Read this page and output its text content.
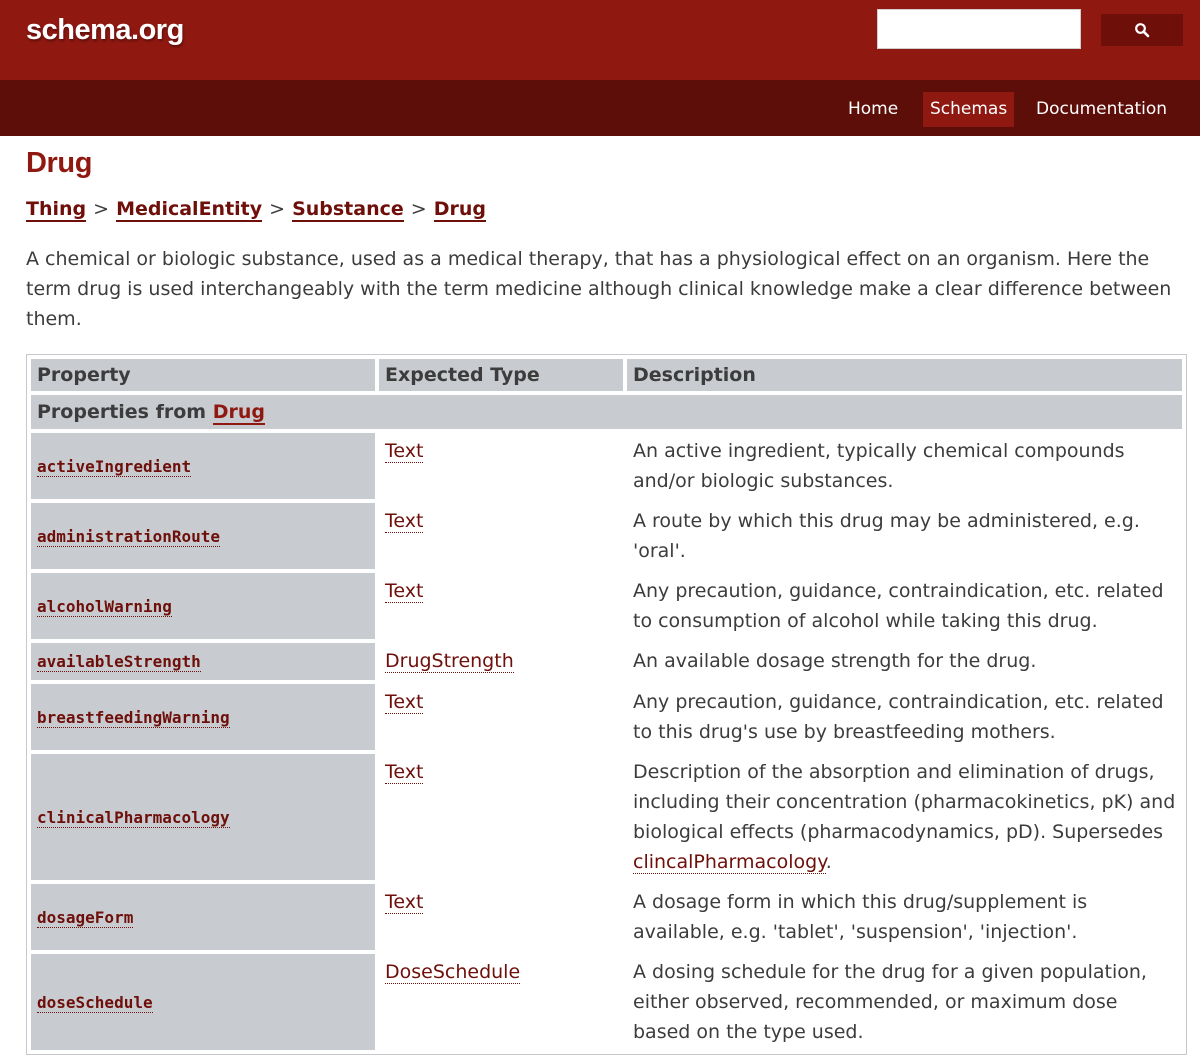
schema.org
Home	Schemas	Documentation
Drug
Thing > MedicalEntity > Substance > Drug
A chemical or biologic substance, used as a medical therapy, that has a physiological effect on an organism. Here the term drug is used interchangeably with the term medicine although clinical knowledge make a clear difference between them.
Property	Expected Type	Description
Properties from Drug		
activeIngredient	Text	An active ingredient, typically chemical compounds and/or biologic substances.
administrationRoute	Text	A route by which this drug may be administered, e.g. 'oral'.
alcoholWarning	Text	Any precaution, guidance, contraindication, etc. related to consumption of alcohol while taking this drug.
availableStrength	DrugStrength	An available dosage strength for the drug.
breastfeedingWarning	Text	Any precaution, guidance, contraindication, etc. related to this drug's use by breastfeeding mothers.
clinicalPharmacology	Text	Description of the absorption and elimination of drugs, including their concentration (pharmacokinetics, pK) and biological effects (pharmacodynamics, pD). Supersedes clincalPharmacology.
dosageForm	Text	A dosage form in which this drug/supplement is available, e.g. 'tablet', 'suspension', 'injection'.
doseSchedule	DoseSchedule	A dosing schedule for the drug for a given population, either observed, recommended, or maximum dose based on the type used.
